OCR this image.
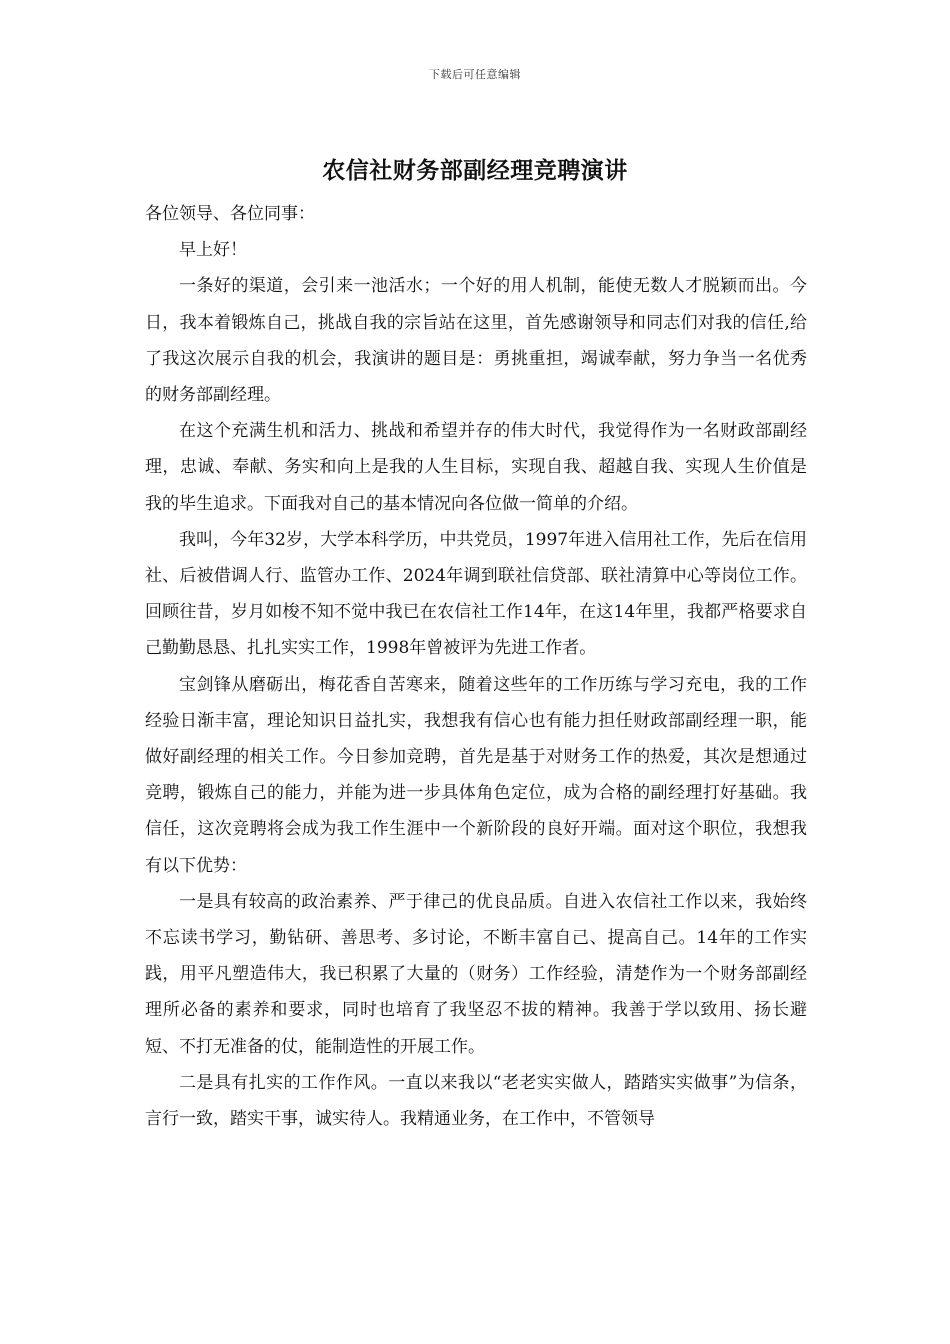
下载后可任意编辑
农信社财务部副经理竞聘演讲

各位领导、各位同事：

早上好！

一条好的渠道，会引来一池活水；一个好的用人机制，能使无数人才脱颖而出。今日，我本着锻炼自己，挑战自我的宗旨站在这里，首先感谢领导和同志们对我的信任,给了我这次展示自我的机会，我演讲的题目是：勇挑重担，竭诚奉献，努力争当一名优秀的财务部副经理。

在这个充满生机和活力、挑战和希望并存的伟大时代，我觉得作为一名财政部副经理，忠诚、奉献、务实和向上是我的人生目标，实现自我、超越自我、实现人生价值是我的毕生追求。下面我对自己的基本情况向各位做一简单的介绍。

我叫，今年32岁，大学本科学历，中共党员，1997年进入信用社工作，先后在信用社、后被借调人行、监管办工作、2024年调到联社信贷部、联社清算中心等岗位工作。回顾往昔，岁月如梭不知不觉中我已在农信社工作14年，在这14年里，我都严格要求自己勤勤恳恳、扎扎实实工作，1998年曾被评为先进工作者。

宝剑锋从磨砺出，梅花香自苦寒来，随着这些年的工作历练与学习充电，我的工作经验日渐丰富，理论知识日益扎实，我想我有信心也有能力担任财政部副经理一职，能做好副经理的相关工作。今日参加竞聘，首先是基于对财务工作的热爱，其次是想通过竞聘，锻炼自己的能力，并能为进一步具体角色定位，成为合格的副经理打好基础。我信任，这次竞聘将会成为我工作生涯中一个新阶段的良好开端。面对这个职位，我想我有以下优势：

一是具有较高的政治素养、严于律己的优良品质。自进入农信社工作以来，我始终不忘读书学习，勤钻研、善思考、多讨论，不断丰富自己、提高自己。14年的工作实践，用平凡塑造伟大，我已积累了大量的（财务）工作经验，清楚作为一个财务部副经理所必备的素养和要求，同时也培育了我坚忍不拔的精神。我善于学以致用、扬长避短、不打无准备的仗，能制造性的开展工作。

二是具有扎实的工作作风。一直以来我以“老老实实做人，踏踏实实做事”为信条，言行一致，踏实干事，诚实待人。我精通业务，在工作中，不管领导
